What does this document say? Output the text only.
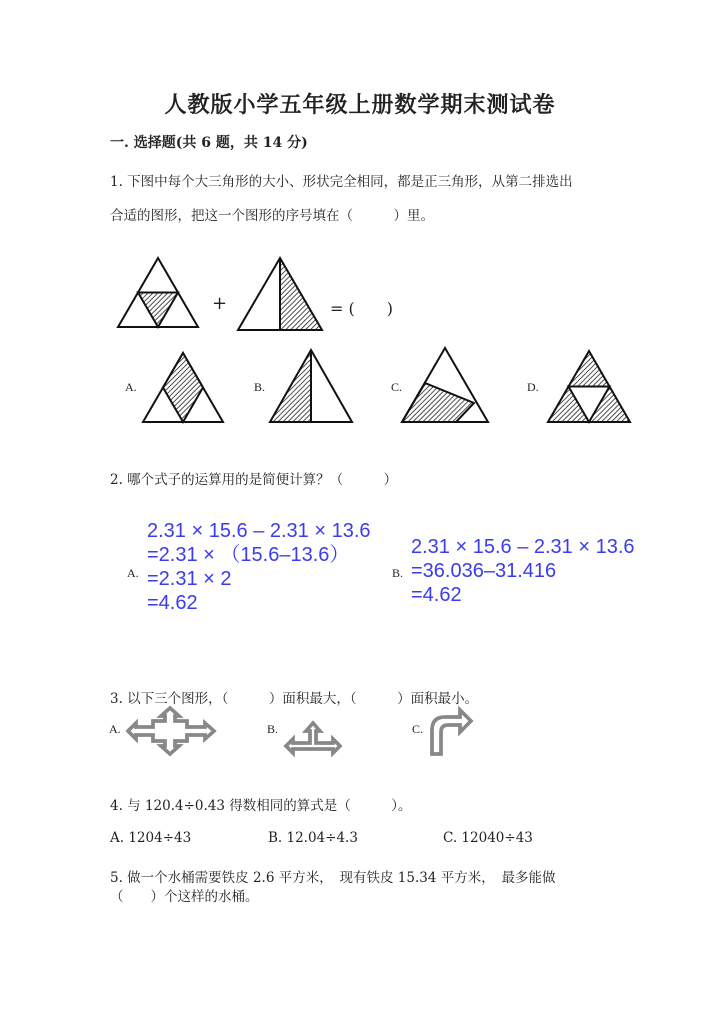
人教版小学五年级上册数学期末测试卷
一. 选择题(共 6 题，共 14 分)
1. 下图中每个大三角形的大小、形状完全相同，都是正三角形，从第二排选出
合适的图形，把这一个图形的序号填在（　　　）里。
+	= (　　)
A.	B.	C.	D.
2. 哪个式子的运算用的是简便计算？（　　　）
A.
2.31 × 15.6 – 2.31 × 13.6
=2.31 × （15.6–13.6）
=2.31 × 2
=4.62
B.
2.31 × 15.6 – 2.31 × 13.6
=36.036–31.416
=4.62
3. 以下三个图形，（　　　）面积最大，（　　　）面积最小。
A.	B.	C.
4. 与 120.4÷0.43 得数相同的算式是（　　　）。
A. 1204÷43	B. 12.04÷4.3	C. 12040÷43
5. 做一个水桶需要铁皮 2.6 平方米，　现有铁皮 15.34 平方米，　最多能做
（　　）个这样的水桶。
